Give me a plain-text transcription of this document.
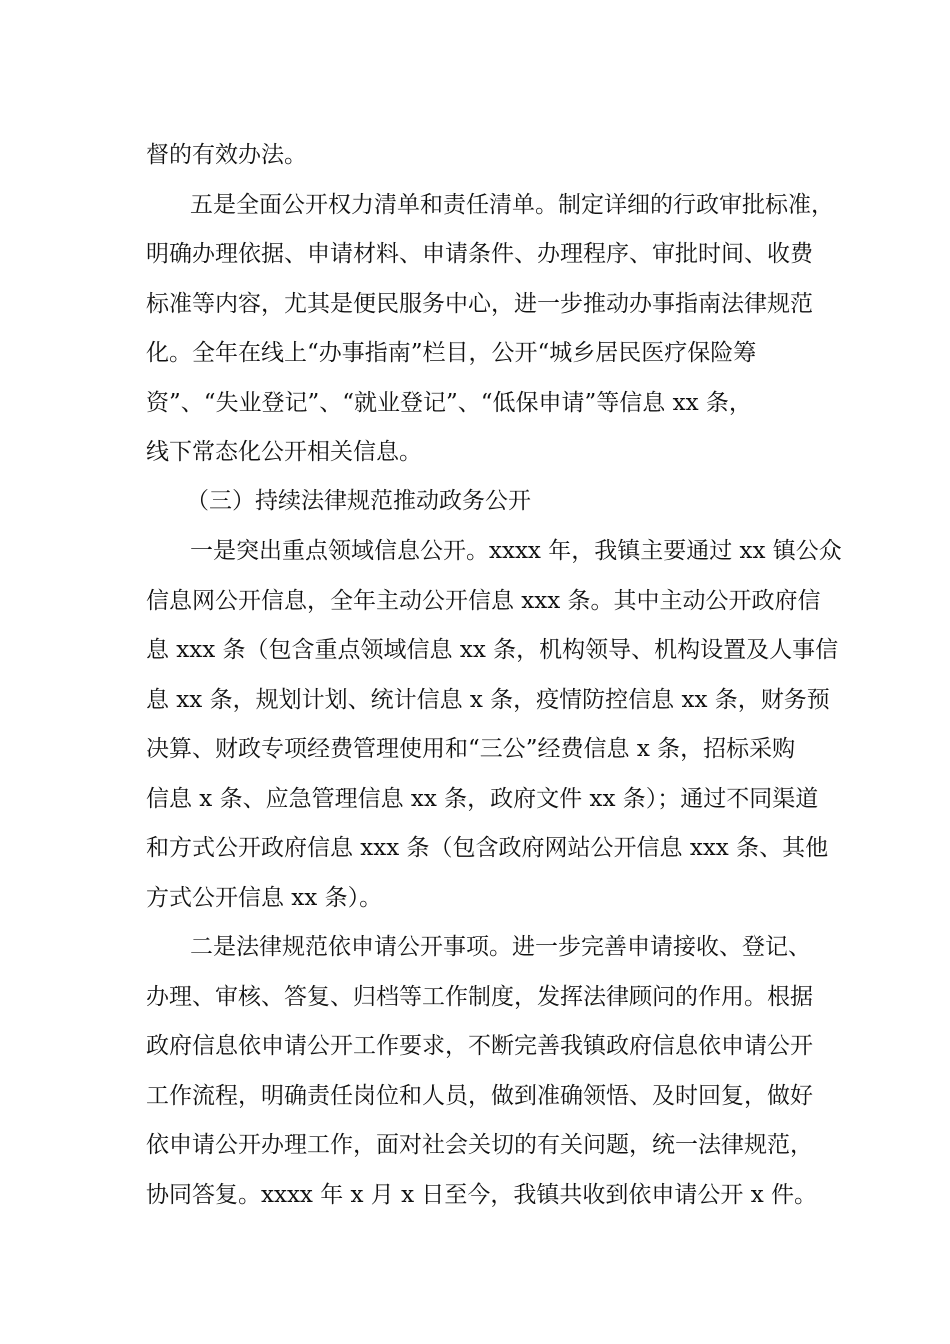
督的有效办法。
五是全面公开权力清单和责任清单。制定详细的行政审批标准，
明确办理依据、申请材料、申请条件、办理程序、审批时间、收费
标准等内容，尤其是便民服务中心，进一步推动办事指南法律规范
化。全年在线上“办事指南”栏目，公开“城乡居民医疗保险筹
资”、“失业登记”、“就业登记”、“低保申请”等信息 xx 条，
线下常态化公开相关信息。
（三）持续法律规范推动政务公开
一是突出重点领域信息公开。xxxx 年，我镇主要通过 xx 镇公众
信息网公开信息，全年主动公开信息 xxx 条。其中主动公开政府信
息 xxx 条（包含重点领域信息 xx 条，机构领导、机构设置及人事信
息 xx 条，规划计划、统计信息 x 条，疫情防控信息 xx 条，财务预
决算、财政专项经费管理使用和“三公”经费信息 x 条，招标采购
信息 x 条、应急管理信息 xx 条，政府文件 xx 条）；通过不同渠道
和方式公开政府信息 xxx 条（包含政府网站公开信息 xxx 条、其他
方式公开信息 xx 条）。
二是法律规范依申请公开事项。进一步完善申请接收、登记、
办理、审核、答复、归档等工作制度，发挥法律顾问的作用。根据
政府信息依申请公开工作要求，不断完善我镇政府信息依申请公开
工作流程，明确责任岗位和人员，做到准确领悟、及时回复，做好
依申请公开办理工作，面对社会关切的有关问题，统一法律规范，
协同答复。xxxx 年 x 月 x 日至今，我镇共收到依申请公开 x 件。
